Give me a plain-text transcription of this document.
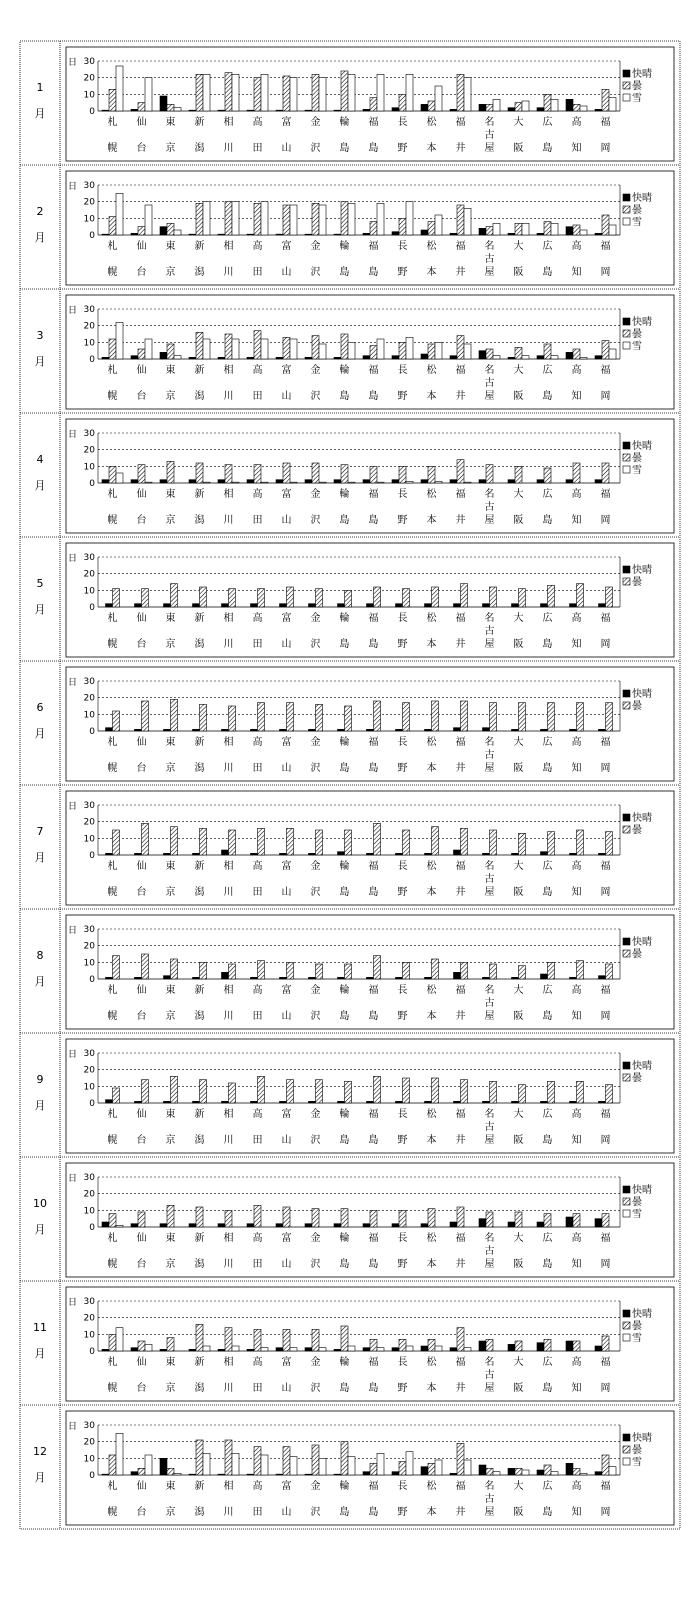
1
月
日
0
10
20
30
札
幌
仙
台
東
京
新
潟
相
川
高
田
富
山
金
沢
輪
島
福
島
長
野
松
本
福
井
名
古
屋
大
阪
広
島
高
知
福
岡
快晴
曇
雪
2
月
日
0
10
20
30
札
幌
仙
台
東
京
新
潟
相
川
高
田
富
山
金
沢
輪
島
福
島
長
野
松
本
福
井
名
古
屋
大
阪
広
島
高
知
福
岡
快晴
曇
雪
3
月
日
0
10
20
30
札
幌
仙
台
東
京
新
潟
相
川
高
田
富
山
金
沢
輪
島
福
島
長
野
松
本
福
井
名
古
屋
大
阪
広
島
高
知
福
岡
快晴
曇
雪
4
月
日
0
10
20
30
札
幌
仙
台
東
京
新
潟
相
川
高
田
富
山
金
沢
輪
島
福
島
長
野
松
本
福
井
名
古
屋
大
阪
広
島
高
知
福
岡
快晴
曇
雪
5
月
日
0
10
20
30
札
幌
仙
台
東
京
新
潟
相
川
高
田
富
山
金
沢
輪
島
福
島
長
野
松
本
福
井
名
古
屋
大
阪
広
島
高
知
福
岡
快晴
曇
6
月
日
0
10
20
30
札
幌
仙
台
東
京
新
潟
相
川
高
田
富
山
金
沢
輪
島
福
島
長
野
松
本
福
井
名
古
屋
大
阪
広
島
高
知
福
岡
快晴
曇
7
月
日
0
10
20
30
札
幌
仙
台
東
京
新
潟
相
川
高
田
富
山
金
沢
輪
島
福
島
長
野
松
本
福
井
名
古
屋
大
阪
広
島
高
知
福
岡
快晴
曇
8
月
日
0
10
20
30
札
幌
仙
台
東
京
新
潟
相
川
高
田
富
山
金
沢
輪
島
福
島
長
野
松
本
福
井
名
古
屋
大
阪
広
島
高
知
福
岡
快晴
曇
9
月
日
0
10
20
30
札
幌
仙
台
東
京
新
潟
相
川
高
田
富
山
金
沢
輪
島
福
島
長
野
松
本
福
井
名
古
屋
大
阪
広
島
高
知
福
岡
快晴
曇
10
月
日
0
10
20
30
札
幌
仙
台
東
京
新
潟
相
川
高
田
富
山
金
沢
輪
島
福
島
長
野
松
本
福
井
名
古
屋
大
阪
広
島
高
知
福
岡
快晴
曇
雪
11
月
日
0
10
20
30
札
幌
仙
台
東
京
新
潟
相
川
高
田
富
山
金
沢
輪
島
福
島
長
野
松
本
福
井
名
古
屋
大
阪
広
島
高
知
福
岡
快晴
曇
雪
12
月
日
0
10
20
30
札
幌
仙
台
東
京
新
潟
相
川
高
田
富
山
金
沢
輪
島
福
島
長
野
松
本
福
井
名
古
屋
大
阪
広
島
高
知
福
岡
快晴
曇
雪
